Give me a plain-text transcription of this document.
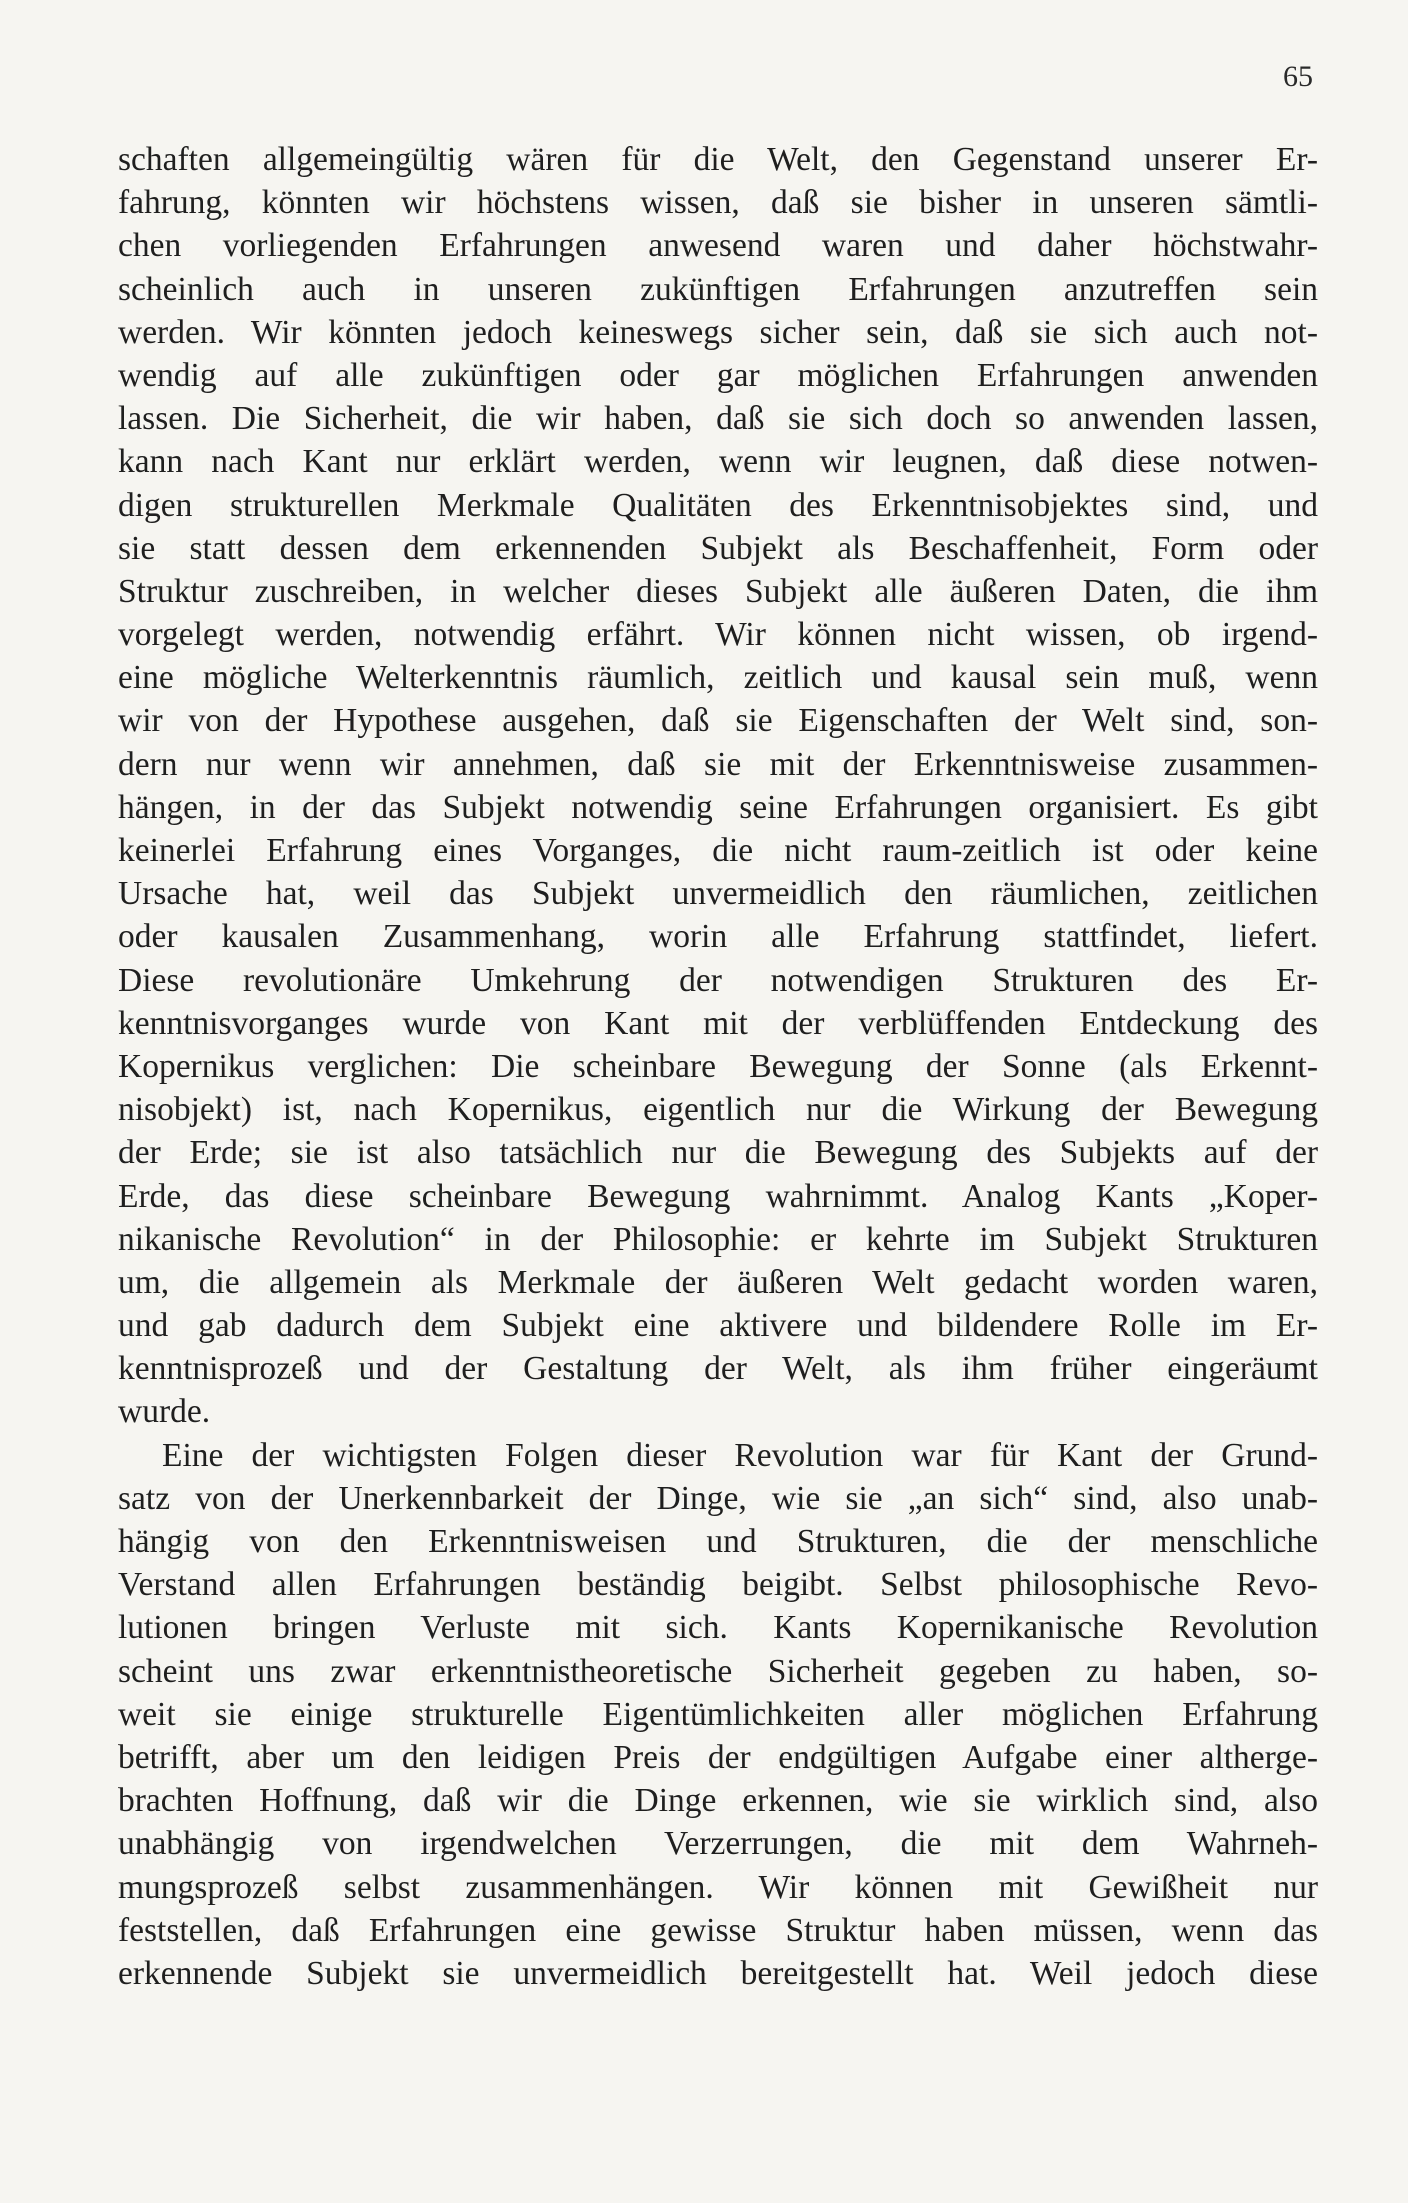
65
schaften allgemeingültig wären für die Welt, den Gegenstand unserer Er-
fahrung, könnten wir höchstens wissen, daß sie bisher in unseren sämtli-
chen vorliegenden Erfahrungen anwesend waren und daher höchstwahr-
scheinlich auch in unseren zukünftigen Erfahrungen anzutreffen sein
werden. Wir könnten jedoch keineswegs sicher sein, daß sie sich auch not-
wendig auf alle zukünftigen oder gar möglichen Erfahrungen anwenden
lassen. Die Sicherheit, die wir haben, daß sie sich doch so anwenden lassen,
kann nach Kant nur erklärt werden, wenn wir leugnen, daß diese notwen-
digen strukturellen Merkmale Qualitäten des Erkenntnisobjektes sind, und
sie statt dessen dem erkennenden Subjekt als Beschaffenheit, Form oder
Struktur zuschreiben, in welcher dieses Subjekt alle äußeren Daten, die ihm
vorgelegt werden, notwendig erfährt. Wir können nicht wissen, ob irgend-
eine mögliche Welterkenntnis räumlich, zeitlich und kausal sein muß, wenn
wir von der Hypothese ausgehen, daß sie Eigenschaften der Welt sind, son-
dern nur wenn wir annehmen, daß sie mit der Erkenntnisweise zusammen-
hängen, in der das Subjekt notwendig seine Erfahrungen organisiert. Es gibt
keinerlei Erfahrung eines Vorganges, die nicht raum-zeitlich ist oder keine
Ursache hat, weil das Subjekt unvermeidlich den räumlichen, zeitlichen
oder kausalen Zusammenhang, worin alle Erfahrung stattfindet, liefert.
Diese revolutionäre Umkehrung der notwendigen Strukturen des Er-
kenntnisvorganges wurde von Kant mit der verblüffenden Entdeckung des
Kopernikus verglichen: Die scheinbare Bewegung der Sonne (als Erkennt-
nisobjekt) ist, nach Kopernikus, eigentlich nur die Wirkung der Bewegung
der Erde; sie ist also tatsächlich nur die Bewegung des Subjekts auf der
Erde, das diese scheinbare Bewegung wahrnimmt. Analog Kants „Koper-
nikanische Revolution“ in der Philosophie: er kehrte im Subjekt Strukturen
um, die allgemein als Merkmale der äußeren Welt gedacht worden waren,
und gab dadurch dem Subjekt eine aktivere und bildendere Rolle im Er-
kenntnisprozeß und der Gestaltung der Welt, als ihm früher eingeräumt
wurde.
Eine der wichtigsten Folgen dieser Revolution war für Kant der Grund-
satz von der Unerkennbarkeit der Dinge, wie sie „an sich“ sind, also unab-
hängig von den Erkenntnisweisen und Strukturen, die der menschliche
Verstand allen Erfahrungen beständig beigibt. Selbst philosophische Revo-
lutionen bringen Verluste mit sich. Kants Kopernikanische Revolution
scheint uns zwar erkenntnistheoretische Sicherheit gegeben zu haben, so-
weit sie einige strukturelle Eigentümlichkeiten aller möglichen Erfahrung
betrifft, aber um den leidigen Preis der endgültigen Aufgabe einer altherge-
brachten Hoffnung, daß wir die Dinge erkennen, wie sie wirklich sind, also
unabhängig von irgendwelchen Verzerrungen, die mit dem Wahrneh-
mungsprozeß selbst zusammenhängen. Wir können mit Gewißheit nur
feststellen, daß Erfahrungen eine gewisse Struktur haben müssen, wenn das
erkennende Subjekt sie unvermeidlich bereitgestellt hat. Weil jedoch diese
